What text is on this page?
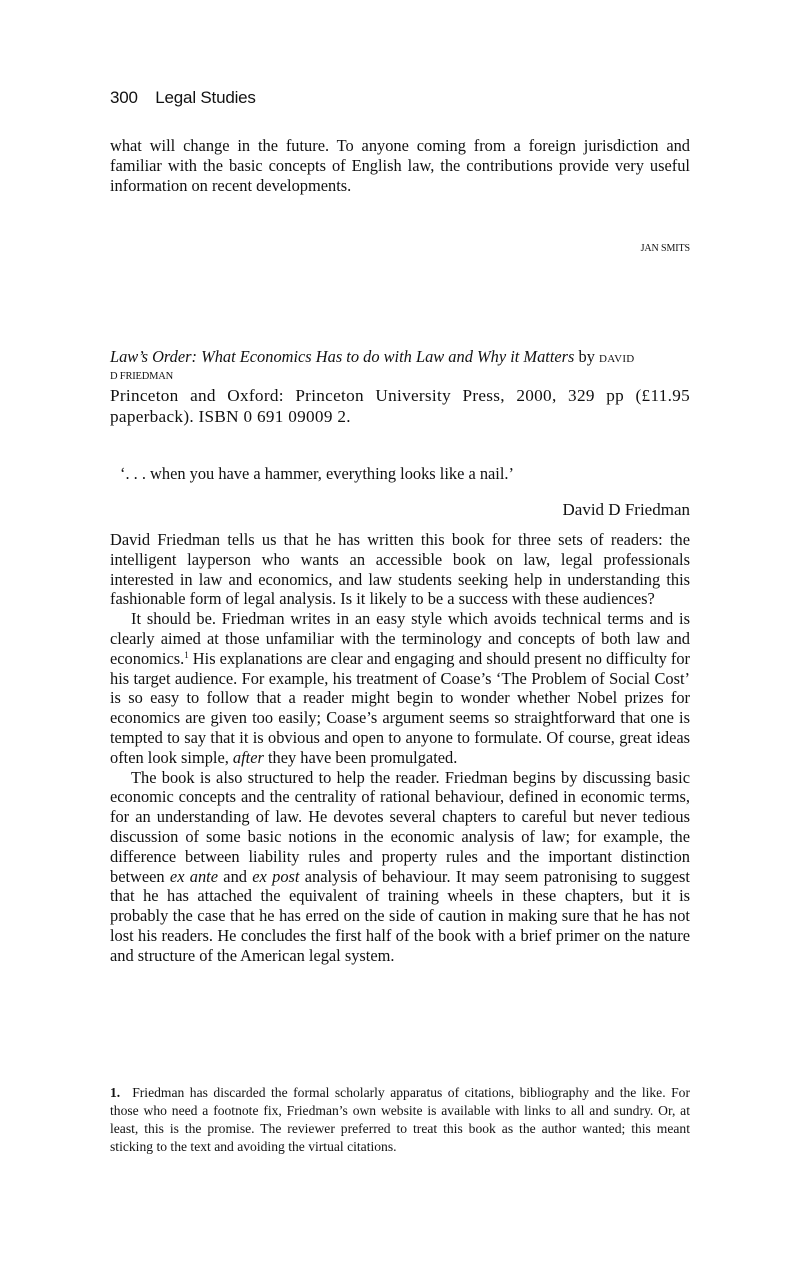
300 Legal Studies
what will change in the future. To anyone coming from a foreign jurisdiction and familiar with the basic concepts of English law, the contributions provide very useful information on recent developments.
JAN SMITS
Law’s Order: What Economics Has to do with Law and Why it Matters by DAVID
D FRIEDMAN
Princeton and Oxford: Princeton University Press, 2000, 329 pp (£11.95 paperback). ISBN 0 691 09009 2.
‘. . . when you have a hammer, everything looks like a nail.’
David D Friedman

David Friedman tells us that he has written this book for three sets of readers: the intelligent layperson who wants an accessible book on law, legal professionals interested in law and economics, and law students seeking help in understanding this fashionable form of legal analysis. Is it likely to be a success with these audiences?

It should be. Friedman writes in an easy style which avoids technical terms and is clearly aimed at those unfamiliar with the terminology and concepts of both law and economics.$^1$ His explanations are clear and engaging and should present no difficulty for his target audience. For example, his treatment of Coase’s ‘The Problem of Social Cost’ is so easy to follow that a reader might begin to wonder whether Nobel prizes for economics are given too easily; Coase’s argument seems so straightforward that one is tempted to say that it is obvious and open to anyone to formulate. Of course, great ideas often look simple, after they have been promulgated.

The book is also structured to help the reader. Friedman begins by discussing basic economic concepts and the centrality of rational behaviour, defined in economic terms, for an understanding of law. He devotes several chapters to careful but never tedious discussion of some basic notions in the economic analysis of law; for example, the difference between liability rules and property rules and the important distinction between ex ante and ex post analysis of behaviour. It may seem patronising to suggest that he has attached the equivalent of training wheels in these chapters, but it is probably the case that he has erred on the side of caution in making sure that he has not lost his readers. He concludes the first half of the book with a brief primer on the nature and structure of the American legal system.

1. Friedman has discarded the formal scholarly apparatus of citations, bibliography and the like. For those who need a footnote fix, Friedman’s own website is available with links to all and sundry. Or, at least, this is the promise. The reviewer preferred to treat this book as the author wanted; this meant sticking to the text and avoiding the virtual citations.
